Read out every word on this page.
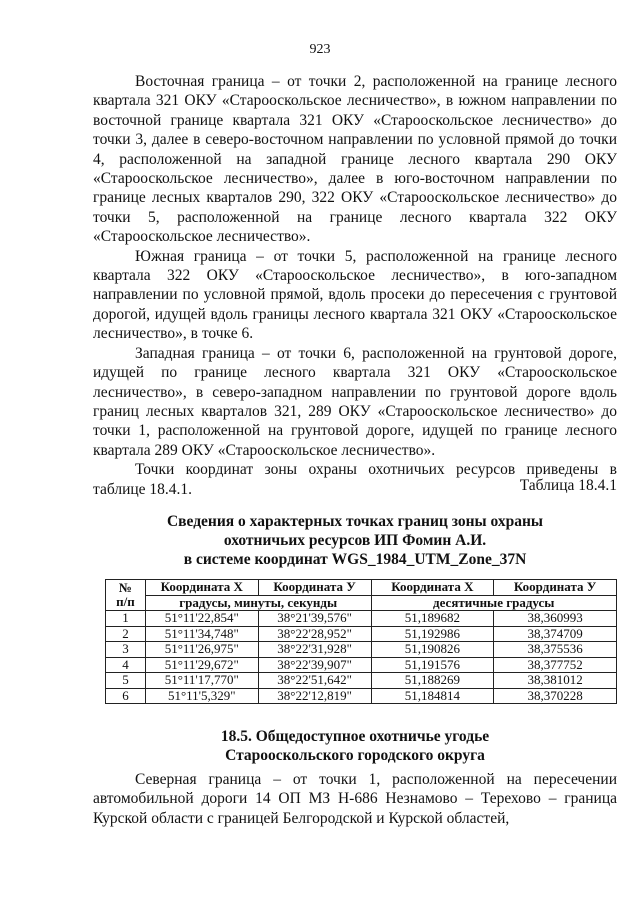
923

Восточная граница – от точки 2, расположенной на границе лесного квартала 321 ОКУ «Старооскольское лесничество», в южном направлении по восточной границе квартала 321 ОКУ «Старооскольское лесничество» до точки 3, далее в северо-восточном направлении по условной прямой до точки 4, расположенной на западной границе лесного квартала 290 ОКУ «Старооскольское лесничество», далее в юго-восточном направлении по границе лесных кварталов 290, 322 ОКУ «Старооскольское лесничество» до точки 5, расположенной на границе лесного квартала 322 ОКУ «Старооскольское лесничество».

Южная граница – от точки 5, расположенной на границе лесного квартала 322 ОКУ «Старооскольское лесничество», в юго-западном направлении по условной прямой, вдоль просеки до пересечения с грунтовой дорогой, идущей вдоль границы лесного квартала 321 ОКУ «Старооскольское лесничество», в точке 6.

Западная граница – от точки 6, расположенной на грунтовой дороге, идущей по границе лесного квартала 321 ОКУ «Старооскольское лесничество», в северо-западном направлении по грунтовой дороге вдоль границ лесных кварталов 321, 289 ОКУ «Старооскольское лесничество» до точки 1, расположенной на грунтовой дороге, идущей по границе лесного квартала 289 ОКУ «Старооскольское лесничество».

Точки координат зоны охраны охотничьих ресурсов приведены в таблице 18.4.1.	Таблица 18.4.1
Сведения о характерных точках границ зоны охраны
охотничьих ресурсов ИП Фомин А.И.
в системе координат WGS_1984_UTM_Zone_37N
№
п/п	Координата X	Координата У	Координата X	Координата У
	градусы, минуты, секунды		десятичные градусы	
1	51°11'22,854"	38°21'39,576"	51,189682	38,360993
2	51°11'34,748"	38°22'28,952"	51,192986	38,374709
3	51°11'26,975"	38°22'31,928"	51,190826	38,375536
4	51°11'29,672"	38°22'39,907"	51,191576	38,377752
5	51°11'17,770"	38°22'51,642"	51,188269	38,381012
6	51°11'5,329"	38°22'12,819"	51,184814	38,370228
18.5. Общедоступное охотничье угодье
Старооскольского городского округа

Северная граница – от точки 1, расположенной на пересечении автомобильной дороги 14 ОП МЗ Н-686 Незнамово – Терехово – граница Курской области с границей Белгородской и Курской областей,
